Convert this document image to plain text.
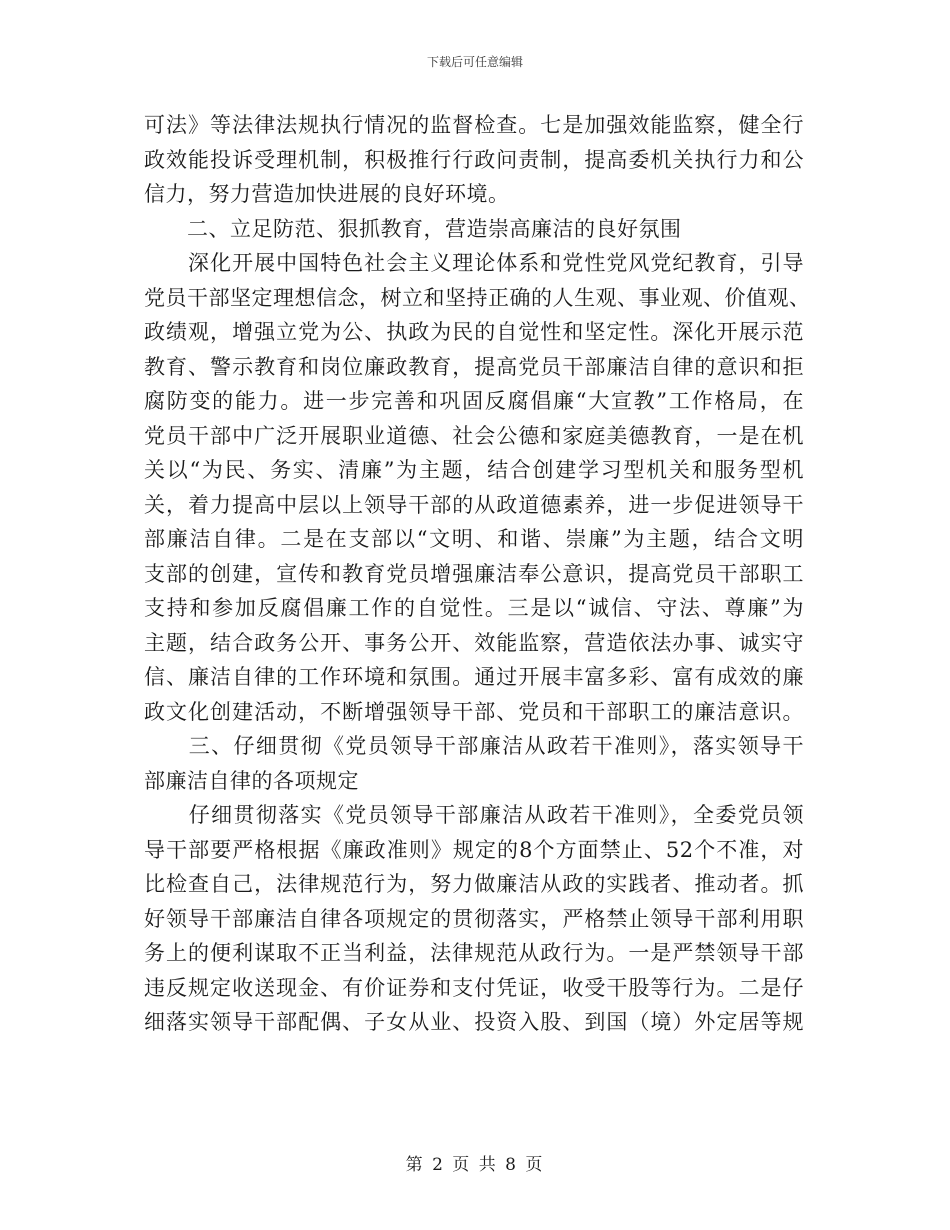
下载后可任意编辑
可法》等法律法规执行情况的监督检查。七是加强效能监察，健全行
政效能投诉受理机制，积极推行行政问责制，提高委机关执行力和公
信力，努力营造加快进展的良好环境。
　　二、立足防范、狠抓教育，营造崇高廉洁的良好氛围
　　深化开展中国特色社会主义理论体系和党性党风党纪教育，引导
党员干部坚定理想信念，树立和坚持正确的人生观、事业观、价值观、
政绩观，增强立党为公、执政为民的自觉性和坚定性。深化开展示范
教育、警示教育和岗位廉政教育，提高党员干部廉洁自律的意识和拒
腐防变的能力。进一步完善和巩固反腐倡廉“大宣教”工作格局，在
党员干部中广泛开展职业道德、社会公德和家庭美德教育，一是在机
关以“为民、务实、清廉”为主题，结合创建学习型机关和服务型机
关，着力提高中层以上领导干部的从政道德素养，进一步促进领导干
部廉洁自律。二是在支部以“文明、和谐、崇廉”为主题，结合文明
支部的创建，宣传和教育党员增强廉洁奉公意识，提高党员干部职工
支持和参加反腐倡廉工作的自觉性。三是以“诚信、守法、尊廉”为
主题，结合政务公开、事务公开、效能监察，营造依法办事、诚实守
信、廉洁自律的工作环境和氛围。通过开展丰富多彩、富有成效的廉
政文化创建活动，不断增强领导干部、党员和干部职工的廉洁意识。
　　三、仔细贯彻《党员领导干部廉洁从政若干准则》，落实领导干
部廉洁自律的各项规定
　　仔细贯彻落实《党员领导干部廉洁从政若干准则》，全委党员领
导干部要严格根据《廉政准则》规定的8个方面禁止、52个不准，对
比检查自己，法律规范行为，努力做廉洁从政的实践者、推动者。抓
好领导干部廉洁自律各项规定的贯彻落实，严格禁止领导干部利用职
务上的便利谋取不正当利益，法律规范从政行为。一是严禁领导干部
违反规定收送现金、有价证券和支付凭证，收受干股等行为。二是仔
细落实领导干部配偶、子女从业、投资入股、到国（境）外定居等规
第 2 页 共 8 页
